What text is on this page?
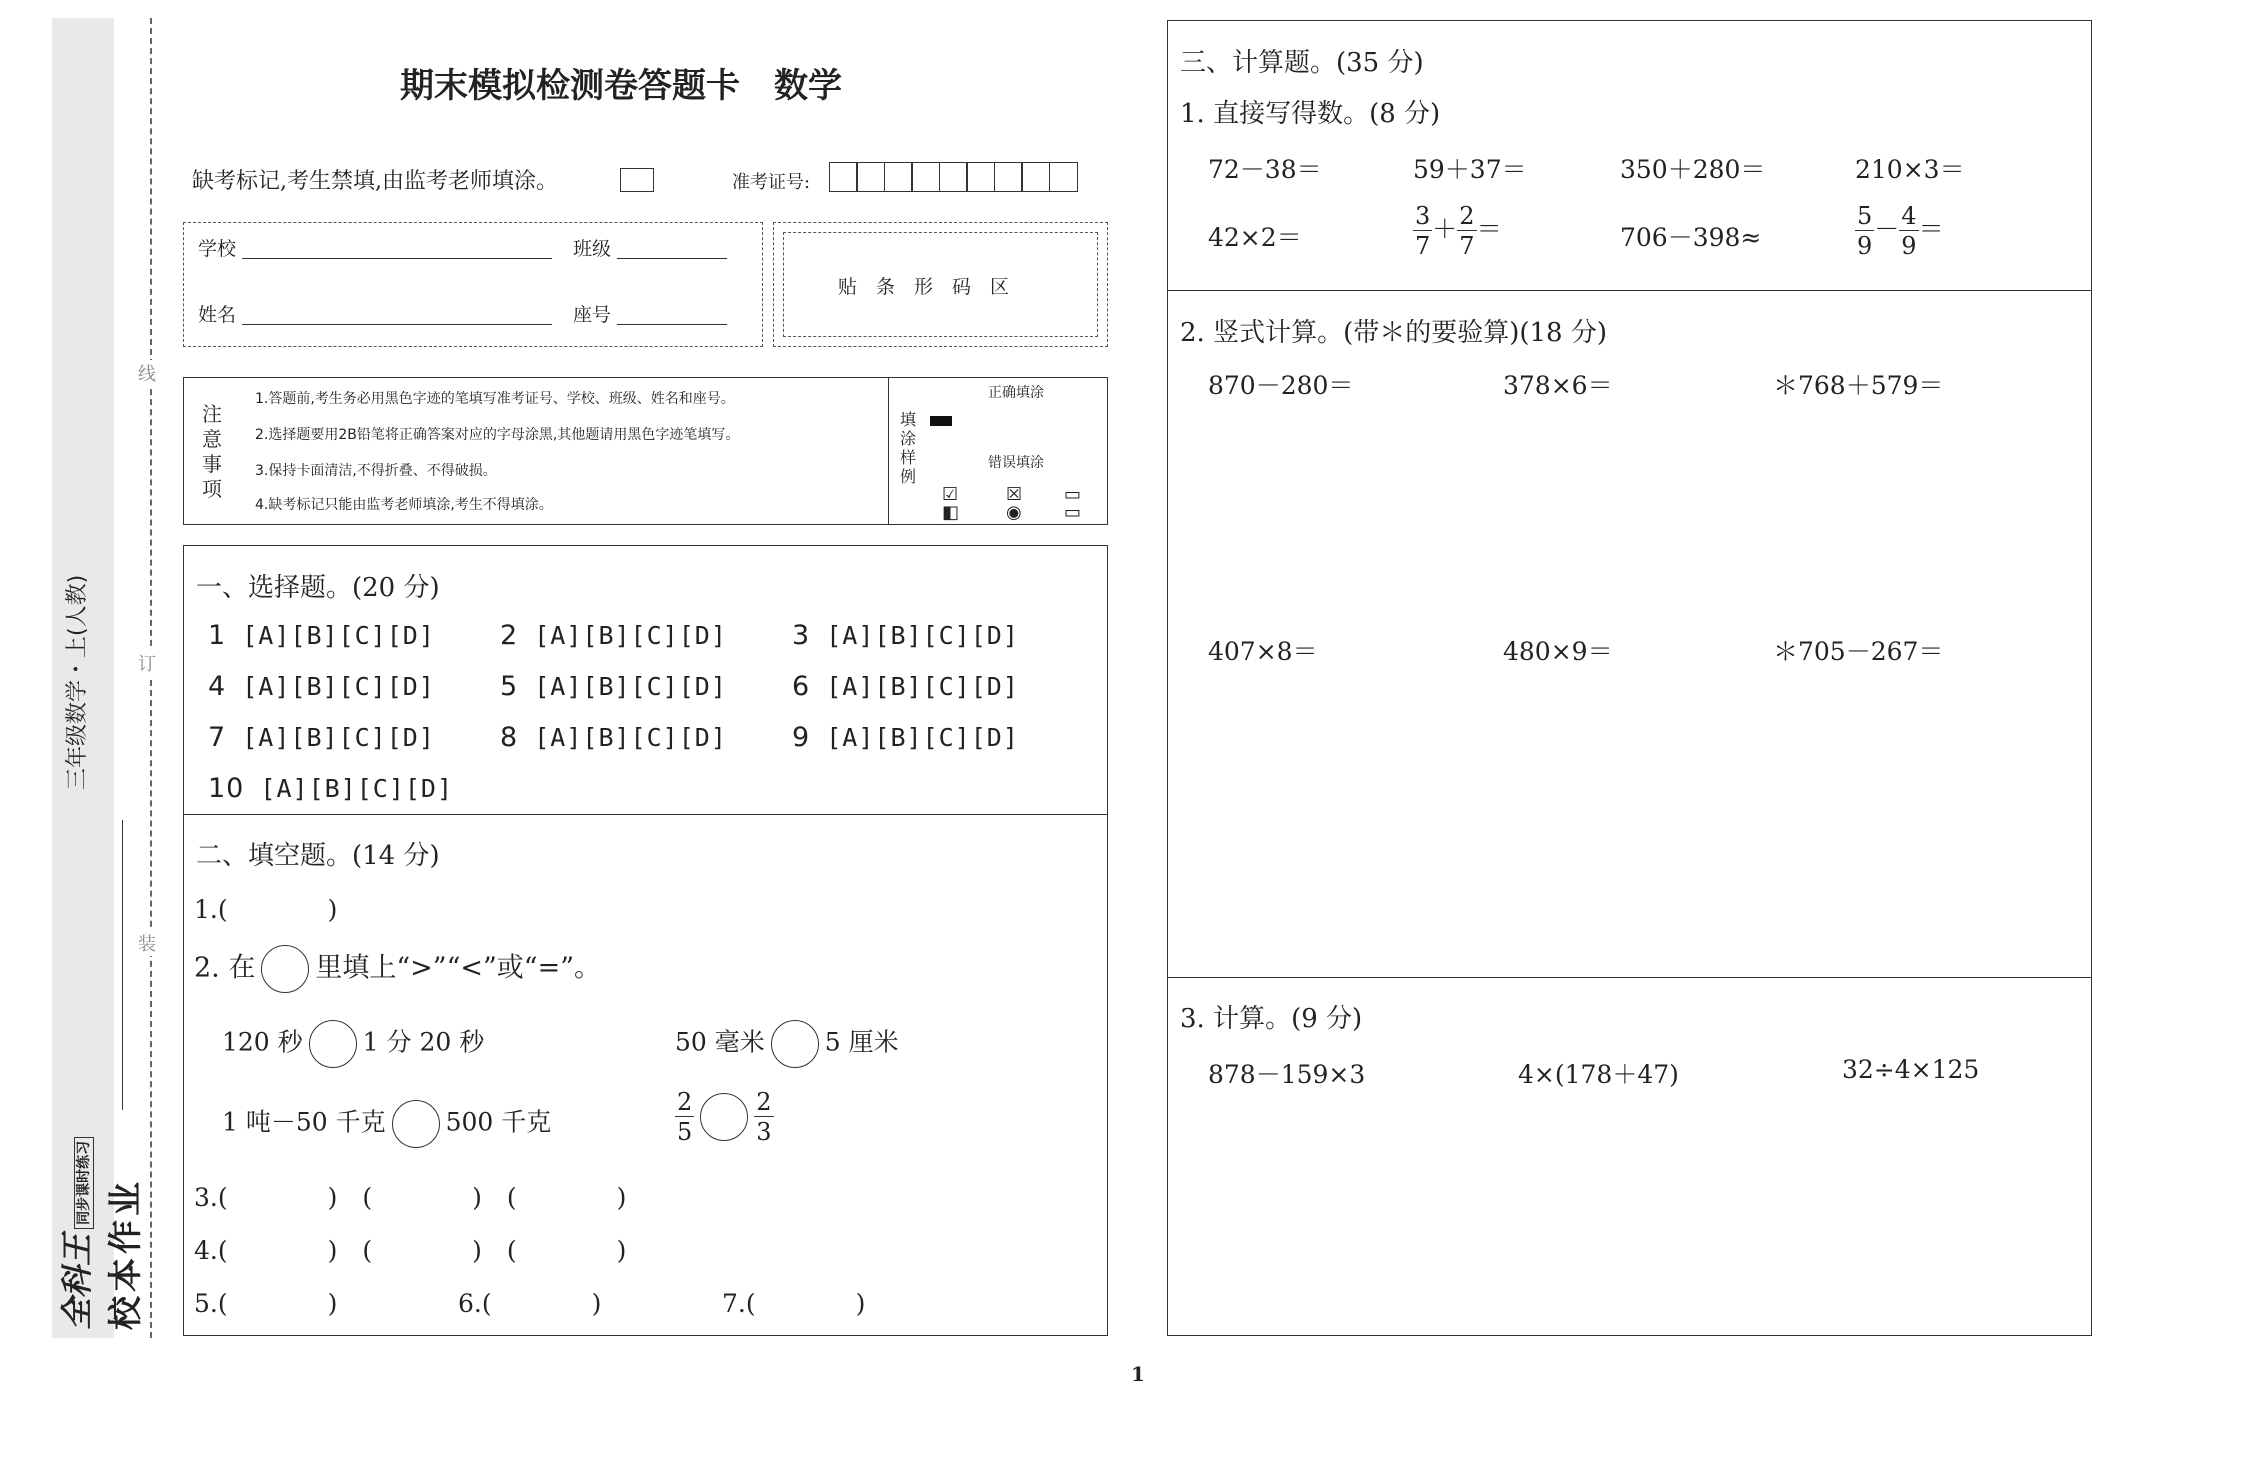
线
订
装
三年级数学・上(人教)
全科王 同步课时练习 校本作业
期末模拟检测卷答题卡　数学
缺考标记,考生禁填,由监考老师填涂。	准考证号:
学校	班级
姓名	座号
贴　条　形　码　区
注
意
事
项
1.答题前,考生务必用黑色字迹的笔填写准考证号、学校、班级、姓名和座号。
2.选择题要用2B铅笔将正确答案对应的字母涂黑,其他题请用黑色字迹笔填写。
3.保持卡面清洁,不得折叠、不得破损。
4.缺考标记只能由监考老师填涂,考生不得填涂。
填
涂
样
例
正确填涂
错误填涂
☑
◧
☒
◉
▭
▭
一、选择题。(20 分)
1 [A][B][C][D] 2 [A][B][C][D] 3 [A][B][C][D]
4 [A][B][C][D] 5 [A][B][C][D] 6 [A][B][C][D]
7 [A][B][C][D] 8 [A][B][C][D] 9 [A][B][C][D]
10 [A][B][C][D]
二、填空题。(14 分)
1.(　　　　)
2. 在 里填上“>”“<”或“=”。
120 秒 1 分 20 秒	50 毫米 5 厘米
1 吨－50 千克 500 千克	$\frac{2}{5}$	$\frac{2}{3}$
3.(　　　　)　(　　　　)　(　　　　)
4.(　　　　)　(　　　　)　(　　　　)
5.(　　　　)	6.(　　　　)	7.(　　　　)
三、计算题。(35 分)
1. 直接写得数。(8 分)
72－38＝	59＋37＝	350＋280＝	210×3＝
42×2＝	$\frac{3}{7} + \frac{2}{7}$ ＝	706－398≈	$\frac{5}{9} - \frac{4}{9}$ ＝
2. 竖式计算。(带＊的要验算)(18 分)
870－280＝	378×6＝	＊768＋579＝
407×8＝	480×9＝	＊705－267＝
3. 计算。(9 分)
878－159×3	4×(178＋47)	32÷4×125
1
